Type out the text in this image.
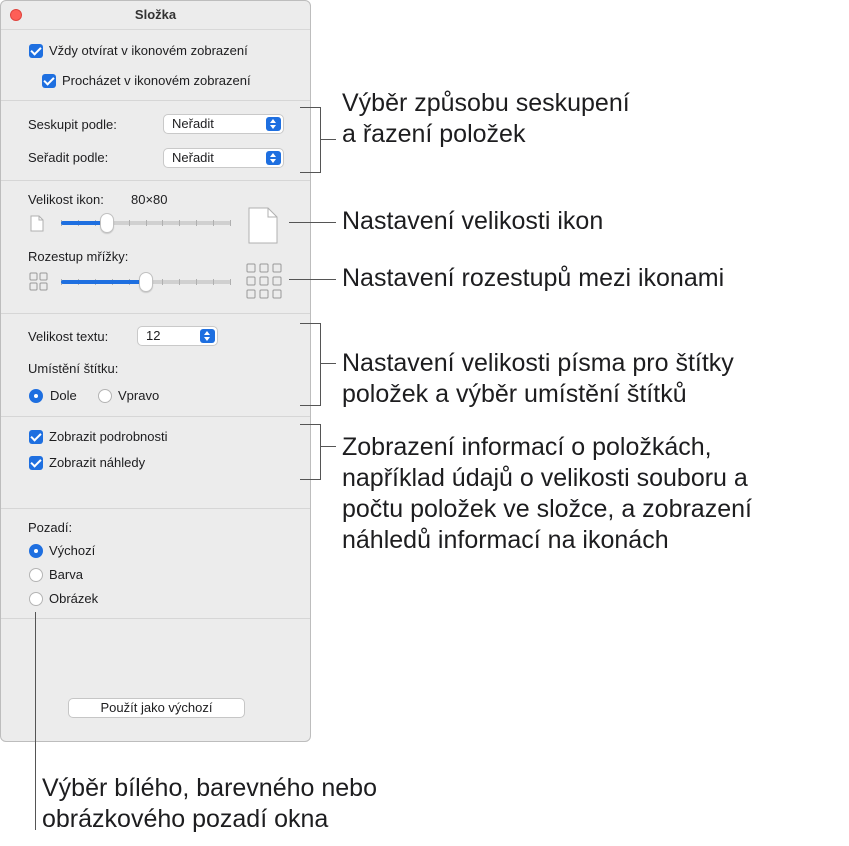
Složka
Vždy otvírat v ikonovém zobrazení
Procházet v ikonovém zobrazení
Seskupit podle:	Neřadit
Seřadit podle:	Neřadit
Velikost ikon: 80×80
Rozestup mřížky:
Velikost textu:	12
Umístění štítku:
Dole	Vpravo
Zobrazit podrobnosti
Zobrazit náhledy
Pozadí:
Výchozí
Barva
Obrázek
Použít jako výchozí
Výběr způsobu seskupení
a řazení položek
Nastavení velikosti ikon
Nastavení rozestupů mezi ikonami
Nastavení velikosti písma pro štítky
položek a výběr umístění štítků
Zobrazení informací o položkách,
například údajů o velikosti souboru a
počtu položek ve složce, a zobrazení
náhledů informací na ikonách
Výběr bílého, barevného nebo
obrázkového pozadí okna
